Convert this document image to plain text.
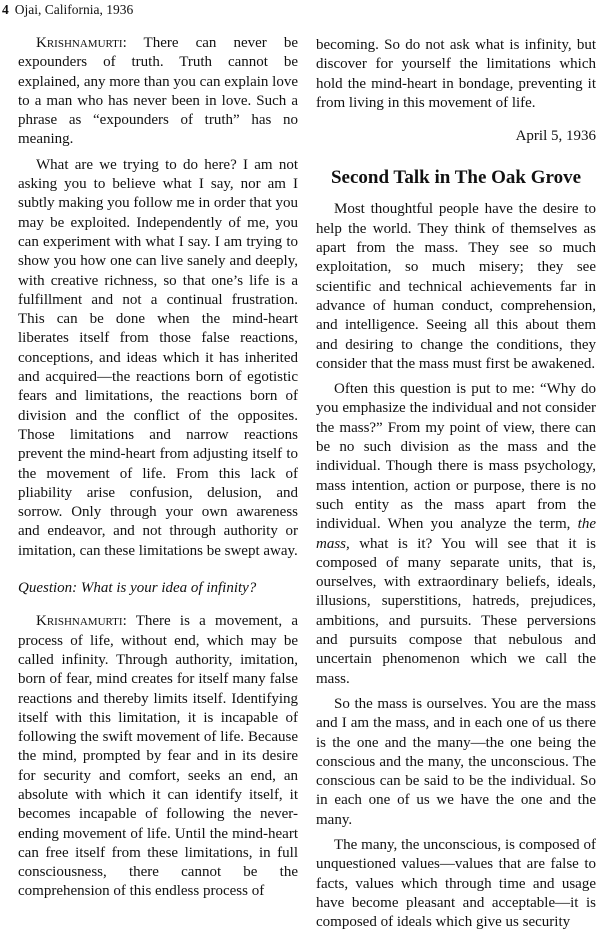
4 Ojai, California, 1936

Krishnamurti: There can never be expounders of truth. Truth cannot be explained, any more than you can explain love to a man who has never been in love. Such a phrase as “expounders of truth” has no meaning.

What are we trying to do here? I am not asking you to believe what I say, nor am I subtly making you follow me in order that you may be exploited. Independently of me, you can experiment with what I say. I am trying to show you how one can live sanely and deeply, with creative richness, so that one’s life is a fulfillment and not a continual frustration. This can be done when the mind-heart liberates itself from those false reactions, conceptions, and ideas which it has inherited and acquired—the reactions born of egotistic fears and limitations, the reactions born of division and the conflict of the opposites. Those limitations and narrow reactions prevent the mind-heart from adjusting itself to the movement of life. From this lack of pliability arise confusion, delusion, and sorrow. Only through your own awareness and endeavor, and not through authority or imitation, can these limitations be swept away.

Question: What is your idea of infinity?

Krishnamurti: There is a movement, a process of life, without end, which may be called infinity. Through authority, imitation, born of fear, mind creates for itself many false reactions and thereby limits itself. Identifying itself with this limitation, it is incapable of following the swift movement of life. Because the mind, prompted by fear and in its desire for security and comfort, seeks an end, an absolute with which it can identify itself, it becomes incapable of following the never-ending movement of life. Until the mind-heart can free itself from these limitations, in full consciousness, there cannot be the comprehension of this endless process of

becoming. So do not ask what is infinity, but discover for yourself the limitations which hold the mind-heart in bondage, preventing it from living in this movement of life.

April 5, 1936

Second Talk in The Oak Grove

Most thoughtful people have the desire to help the world. They think of themselves as apart from the mass. They see so much exploitation, so much misery; they see scientific and technical achievements far in advance of human conduct, comprehension, and intelligence. Seeing all this about them and desiring to change the conditions, they consider that the mass must first be awakened.

Often this question is put to me: “Why do you emphasize the individual and not consider the mass?” From my point of view, there can be no such division as the mass and the individual. Though there is mass psychology, mass intention, action or purpose, there is no such entity as the mass apart from the individual. When you analyze the term, the mass, what is it? You will see that it is composed of many separate units, that is, ourselves, with extraordinary beliefs, ideals, illusions, superstitions, hatreds, prejudices, ambitions, and pursuits. These perversions and pursuits compose that nebulous and uncertain phenomenon which we call the mass.

So the mass is ourselves. You are the mass and I am the mass, and in each one of us there is the one and the many—the one being the conscious and the many, the unconscious. The conscious can be said to be the individual. So in each one of us we have the one and the many.

The many, the unconscious, is composed of unquestioned values—values that are false to facts, values which through time and usage have become pleasant and acceptable—it is composed of ideals which give us security
